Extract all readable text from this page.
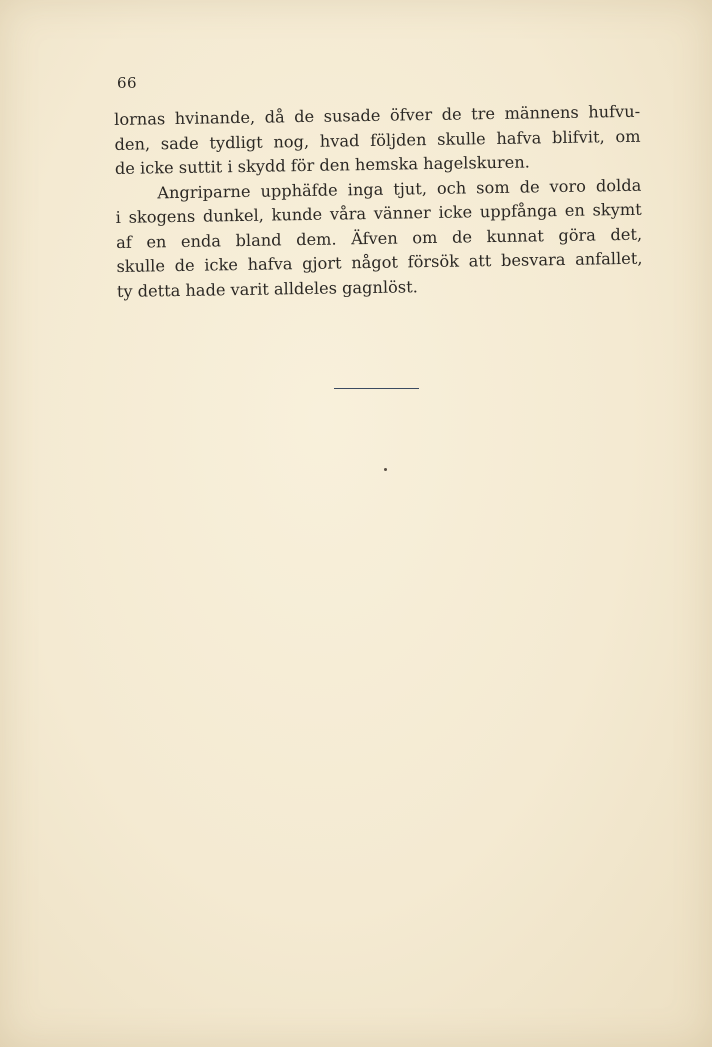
66
lornas hvinande, då de susade öfver de tre männens hufvu-
den, sade tydligt nog, hvad följden skulle hafva blifvit, om
de icke suttit i skydd för den hemska hagelskuren.
Angriparne upphäfde inga tjut, och som de voro dolda
i skogens dunkel, kunde våra vänner icke uppfånga en skymt
af en enda bland dem. Äfven om de kunnat göra det,
skulle de icke hafva gjort något försök att besvara anfallet,
ty detta hade varit alldeles gagnlöst.
